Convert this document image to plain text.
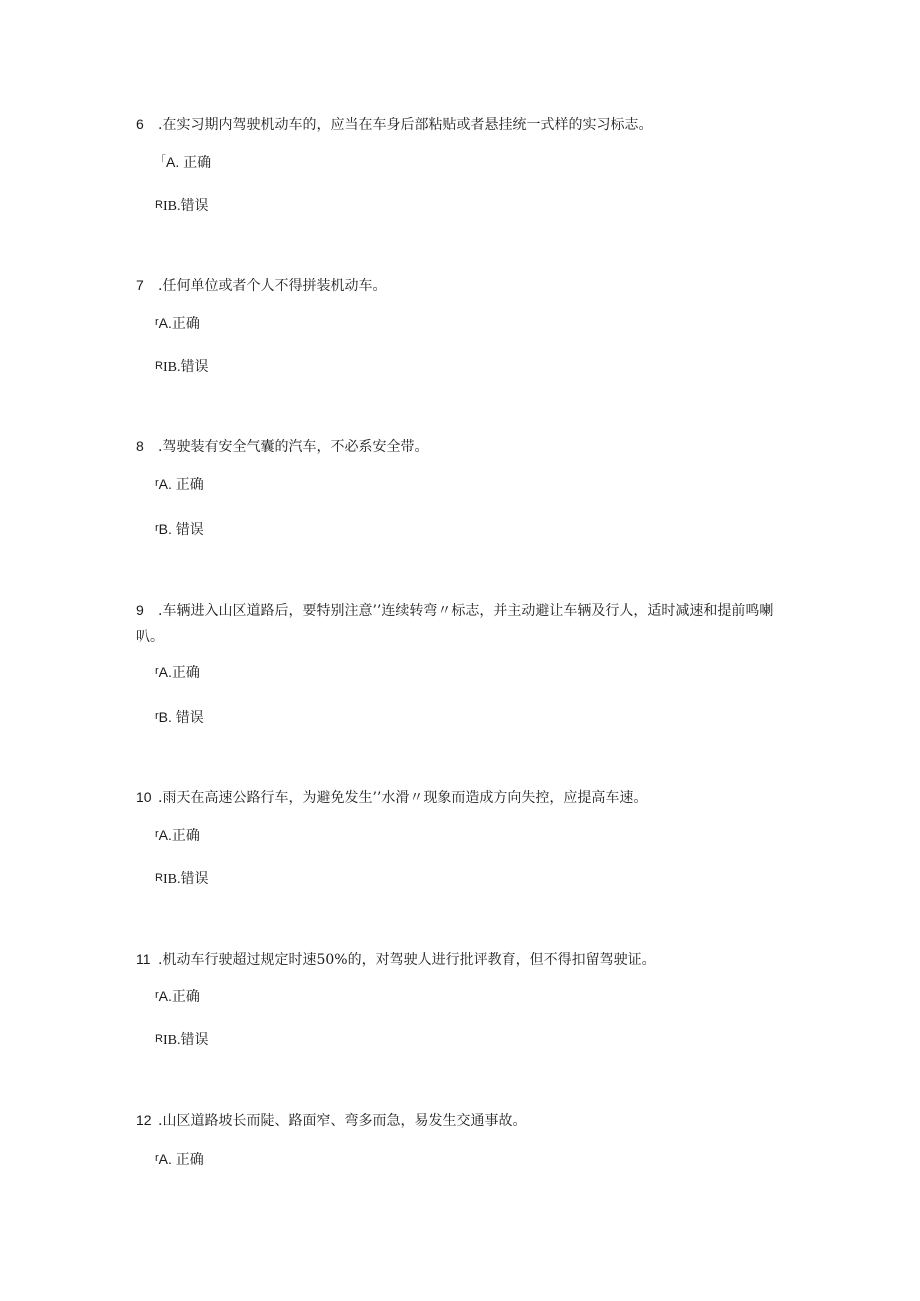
6 .在实习期内驾驶机动车的，应当在车身后部粘贴或者悬挂统一式样的实习标志。
「A. 正确
$^R$IB.错误
7 .任何单位或者个人不得拼装机动车。
$^r$A.正确
$^R$IB.错误
8 .驾驶装有安全气囊的汽车，不必系安全带。
$^r$A. 正确
$^r$B. 错误
9 .车辆进入山区道路后，要特别注意’’连续转弯〃标志，并主动避让车辆及行人，适时减速和提前鸣喇叭。
$^r$A.正确
$^r$B. 错误
10 .雨天在高速公路行车，为避免发生’’水滑〃现象而造成方向失控，应提高车速。
$^r$A.正确
$^R$IB.错误
11 .机动车行驶超过规定时速50%的，对驾驶人进行批评教育，但不得扣留驾驶证。
$^r$A.正确
$^R$IB.错误
12 .山区道路坡长而陡、路面窄、弯多而急，易发生交通事故。
$^r$A. 正确
